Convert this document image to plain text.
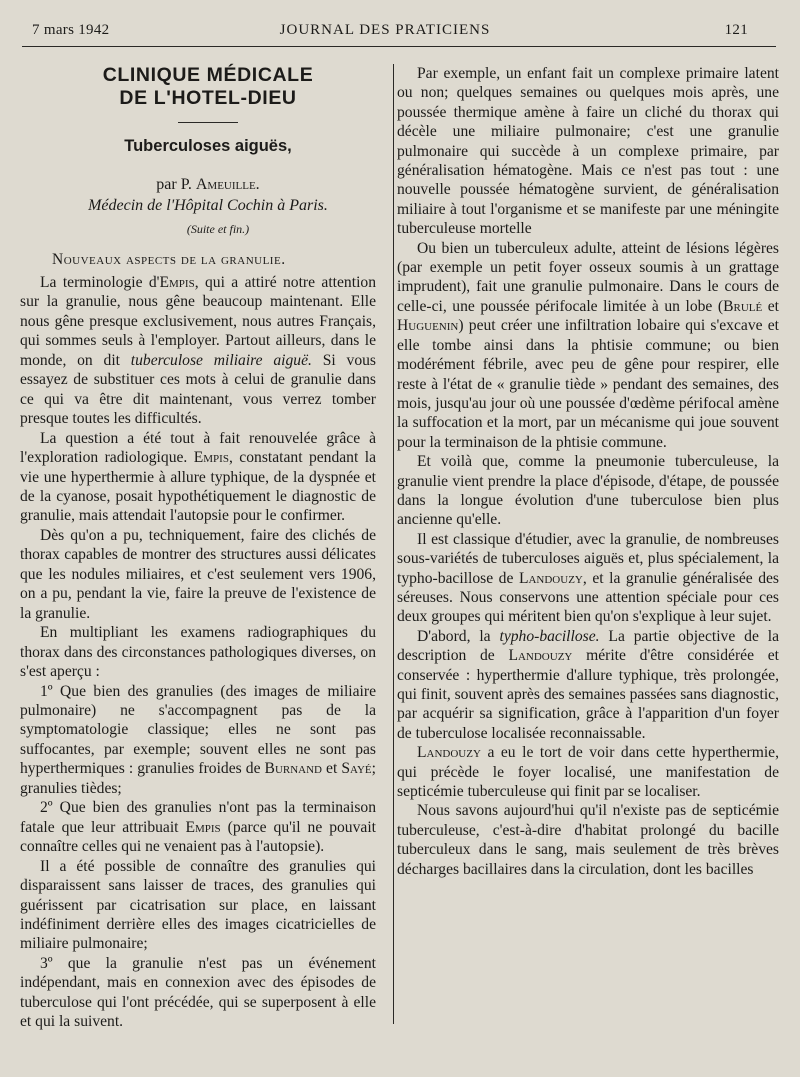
7 mars 1942	JOURNAL DES PRATICIENS	121
CLINIQUE MÉDICALE
DE L'HOTEL-DIEU
Tuberculoses aiguës,
par P. Ameuille.
Médecin de l'Hôpital Cochin à Paris.
(Suite et fin.)
Nouveaux aspects de la granulie.

La terminologie d'Empis, qui a attiré notre attention sur la granulie, nous gêne beaucoup maintenant. Elle nous gêne presque exclusivement, nous autres Français, qui sommes seuls à l'employer. Partout ailleurs, dans le monde, on dit tuberculose miliaire aiguë. Si vous essayez de substituer ces mots à celui de granulie dans ce qui va être dit maintenant, vous verrez tomber presque toutes les difficultés.

La question a été tout à fait renouvelée grâce à l'exploration radiologique. Empis, constatant pendant la vie une hyperthermie à allure typhique, de la dyspnée et de la cyanose, posait hypothétiquement le diagnostic de granulie, mais attendait l'autopsie pour le confirmer.

Dès qu'on a pu, techniquement, faire des clichés de thorax capables de montrer des structures aussi délicates que les nodules miliaires, et c'est seulement vers 1906, on a pu, pendant la vie, faire la preuve de l'existence de la granulie.

En multipliant les examens radiographiques du thorax dans des circonstances pathologiques diverses, on s'est aperçu :

1º Que bien des granulies (des images de miliaire pulmonaire) ne s'accompagnent pas de la symptomatologie classique; elles ne sont pas suffocantes, par exemple; souvent elles ne sont pas hyperthermiques : granulies froides de Burnand et Sayé; granulies tièdes;

2º Que bien des granulies n'ont pas la terminaison fatale que leur attribuait Empis (parce qu'il ne pouvait connaître celles qui ne venaient pas à l'autopsie).

Il a été possible de connaître des granulies qui disparaissent sans laisser de traces, des granulies qui guérissent par cicatrisation sur place, en laissant indéfiniment derrière elles des images cicatricielles de miliaire pulmonaire;

3º que la granulie n'est pas un événement indépendant, mais en connexion avec des épisodes de tuberculose qui l'ont précédée, qui se superposent à elle et qui la suivent.

Par exemple, un enfant fait un complexe primaire latent ou non; quelques semaines ou quelques mois après, une poussée thermique amène à faire un cliché du thorax qui décèle une miliaire pulmonaire; c'est une granulie pulmonaire qui succède à un complexe primaire, par généralisation hématogène. Mais ce n'est pas tout : une nouvelle poussée hématogène survient, de généralisation miliaire à tout l'organisme et se manifeste par une méningite tuberculeuse mortelle

Ou bien un tuberculeux adulte, atteint de lésions légères (par exemple un petit foyer osseux soumis à un grattage imprudent), fait une granulie pulmonaire. Dans le cours de celle-ci, une poussée périfocale limitée à un lobe (Brulé et Huguenin) peut créer une infiltration lobaire qui s'excave et elle tombe ainsi dans la phtisie commune; ou bien modérément fébrile, avec peu de gêne pour respirer, elle reste à l'état de « granulie tiède » pendant des semaines, des mois, jusqu'au jour où une poussée d'œdème périfocal amène la suffocation et la mort, par un mécanisme qui joue souvent pour la terminaison de la phtisie commune.

Et voilà que, comme la pneumonie tuberculeuse, la granulie vient prendre la place d'épisode, d'étape, de poussée dans la longue évolution d'une tuberculose bien plus ancienne qu'elle.

Il est classique d'étudier, avec la granulie, de nombreuses sous-variétés de tuberculoses aiguës et, plus spécialement, la typho-bacillose de Landouzy, et la granulie généralisée des séreuses. Nous conservons une attention spéciale pour ces deux groupes qui méritent bien qu'on s'explique à leur sujet.

D'abord, la typho-bacillose. La partie objective de la description de Landouzy mérite d'être considérée et conservée : hyperthermie d'allure typhique, très prolongée, qui finit, souvent après des semaines passées sans diagnostic, par acquérir sa signification, grâce à l'apparition d'un foyer de tuberculose localisée reconnaissable.

Landouzy a eu le tort de voir dans cette hyperthermie, qui précède le foyer localisé, une manifestation de septicémie tuberculeuse qui finit par se localiser.

Nous savons aujourd'hui qu'il n'existe pas de septicémie tuberculeuse, c'est-à-dire d'habitat prolongé du bacille tuberculeux dans le sang, mais seulement de très brèves décharges bacillaires dans la circulation, dont les bacilles
